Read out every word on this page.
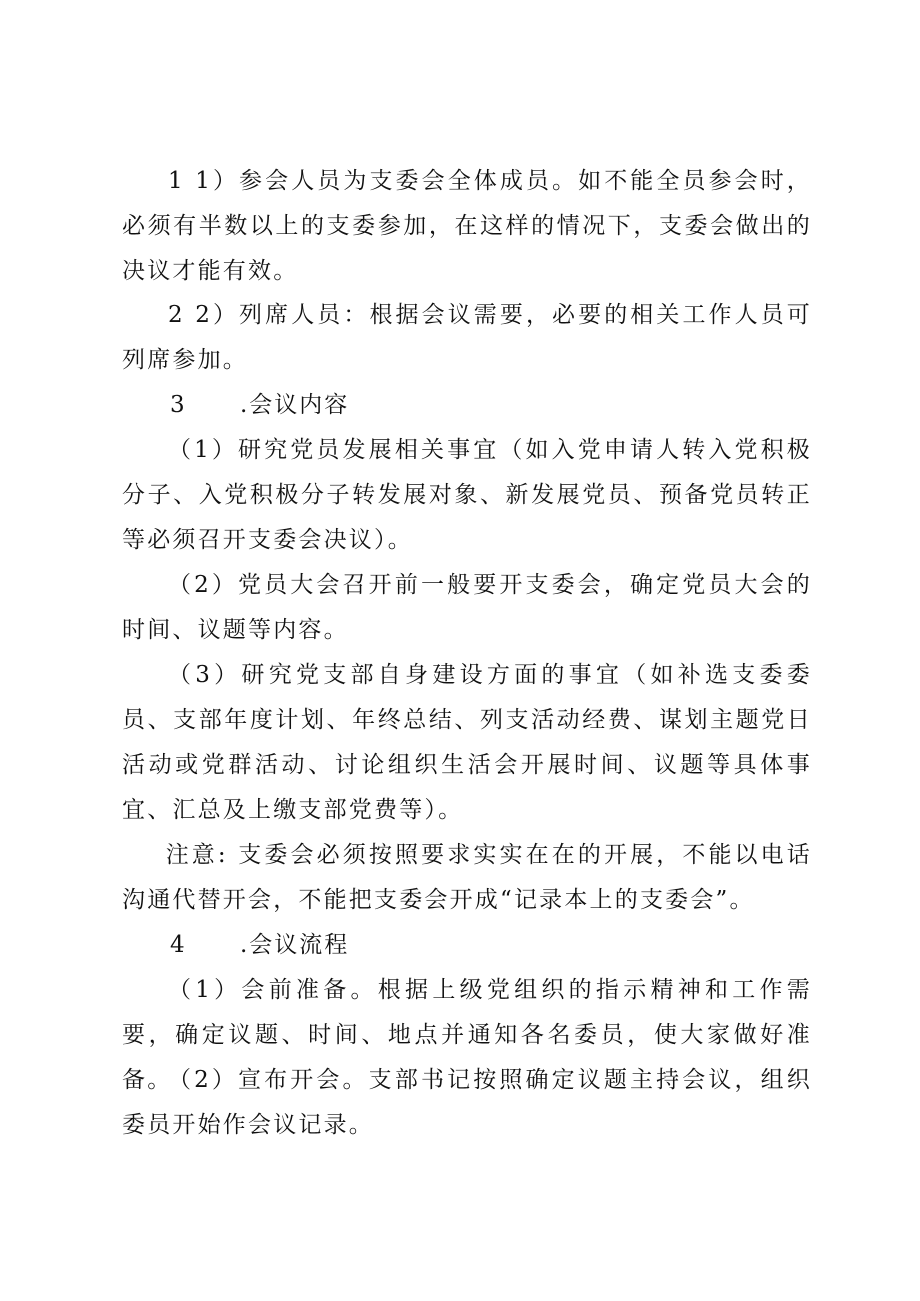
1 1）参会人员为支委会全体成员。如不能全员参会时，必须有半数以上的支委参加，在这样的情况下，支委会做出的决议才能有效。

2 2）列席人员：根据会议需要，必要的相关工作人员可列席参加。

3 .会议内容

（1）研究党员发展相关事宜（如入党申请人转入党积极分子、入党积极分子转发展对象、新发展党员、预备党员转正等必须召开支委会决议）。

（2）党员大会召开前一般要开支委会，确定党员大会的时间、议题等内容。

（3）研究党支部自身建设方面的事宜（如补选支委委员、支部年度计划、年终总结、列支活动经费、谋划主题党日活动或党群活动、讨论组织生活会开展时间、议题等具体事宜、汇总及上缴支部党费等）。

注意: 支委会必须按照要求实实在在的开展，不能以电话沟通代替开会，不能把支委会开成“记录本上的支委会”。

4 .会议流程

（1）会前准备。根据上级党组织的指示精神和工作需要，确定议题、时间、地点并通知各名委员，使大家做好准备。

（2）宣布开会。支部书记按照确定议题主持会议，组织委员开始作会议记录。
